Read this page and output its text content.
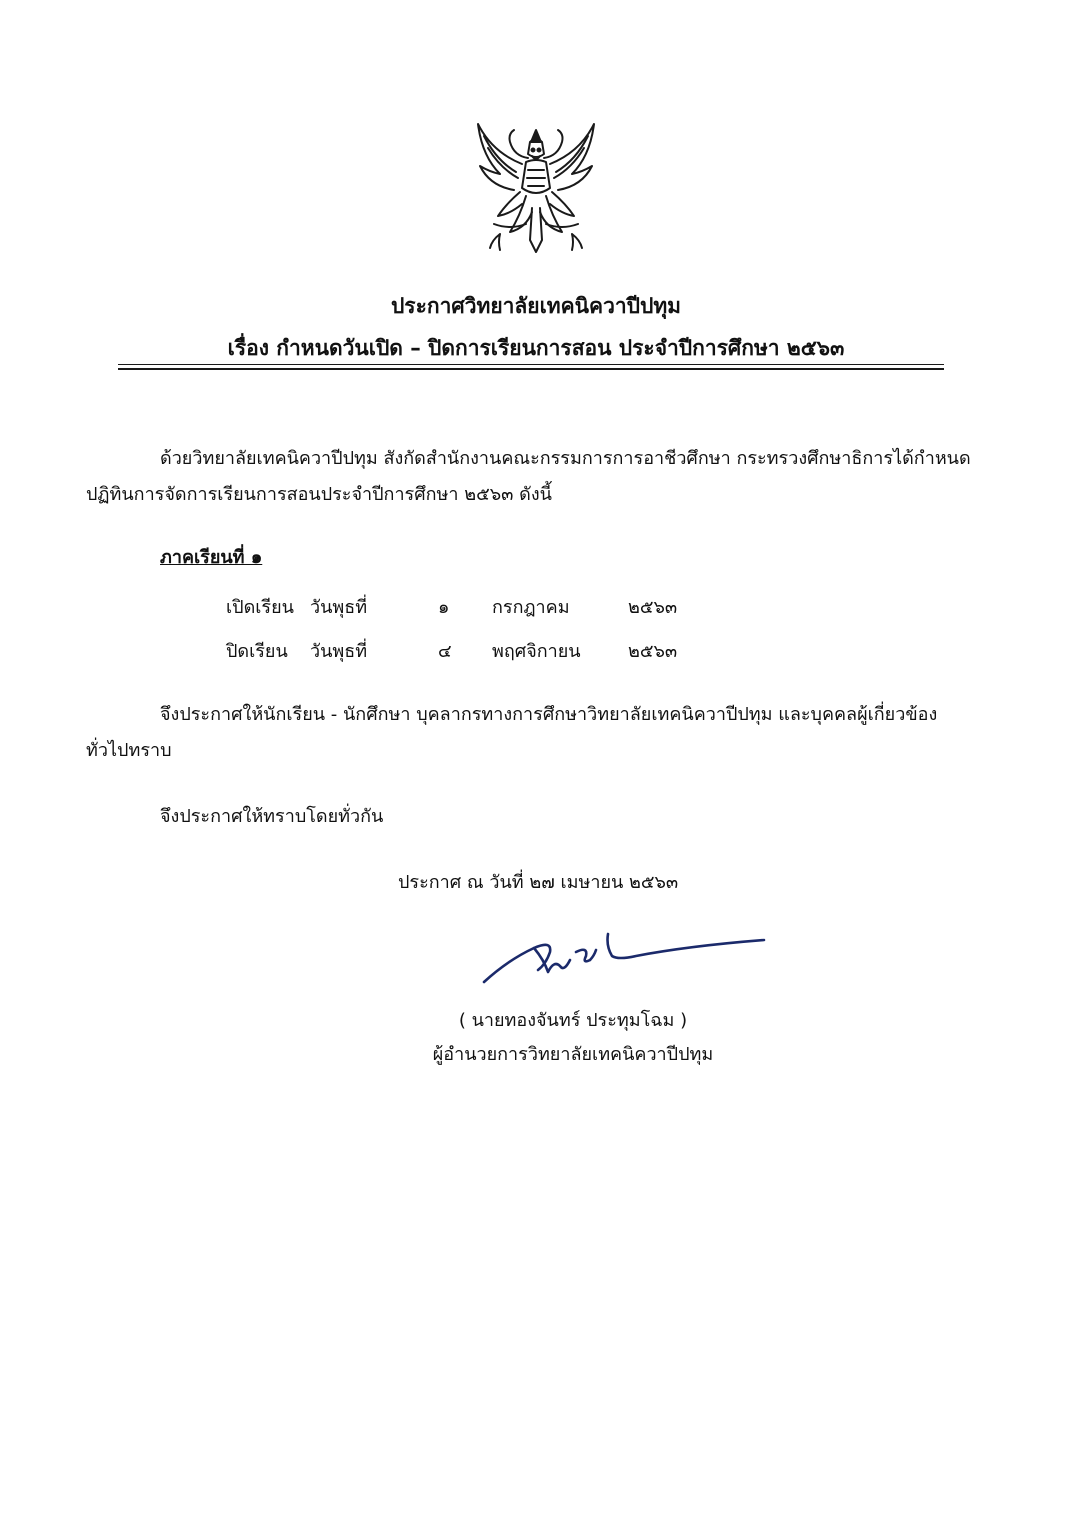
ประกาศวิทยาลัยเทคนิควาปีปทุม
เรื่อง กำหนดวันเปิด – ปิดการเรียนการสอน ประจำปีการศึกษา ๒๕๖๓
ด้วยวิทยาลัยเทคนิควาปีปทุม สังกัดสำนักงานคณะกรรมการการอาชีวศึกษา กระทรวงศึกษาธิการได้กำหนด
ปฏิทินการจัดการเรียนการสอนประจำปีการศึกษา ๒๕๖๓ ดังนี้
ภาคเรียนที่ ๑
เปิดเรียน วันพุธที่	๑ กรกฎาคม	๒๕๖๓
ปิดเรียน วันพุธที่	๔ พฤศจิกายน	๒๕๖๓
จึงประกาศให้นักเรียน - นักศึกษา บุคลากรทางการศึกษาวิทยาลัยเทคนิควาปีปทุม และบุคคลผู้เกี่ยวข้อง
ทั่วไปทราบ
จึงประกาศให้ทราบโดยทั่วกัน
ประกาศ ณ วันที่ ๒๗ เมษายน ๒๕๖๓
( นายทองจันทร์ ประทุมโฉม )
ผู้อำนวยการวิทยาลัยเทคนิควาปีปทุม
